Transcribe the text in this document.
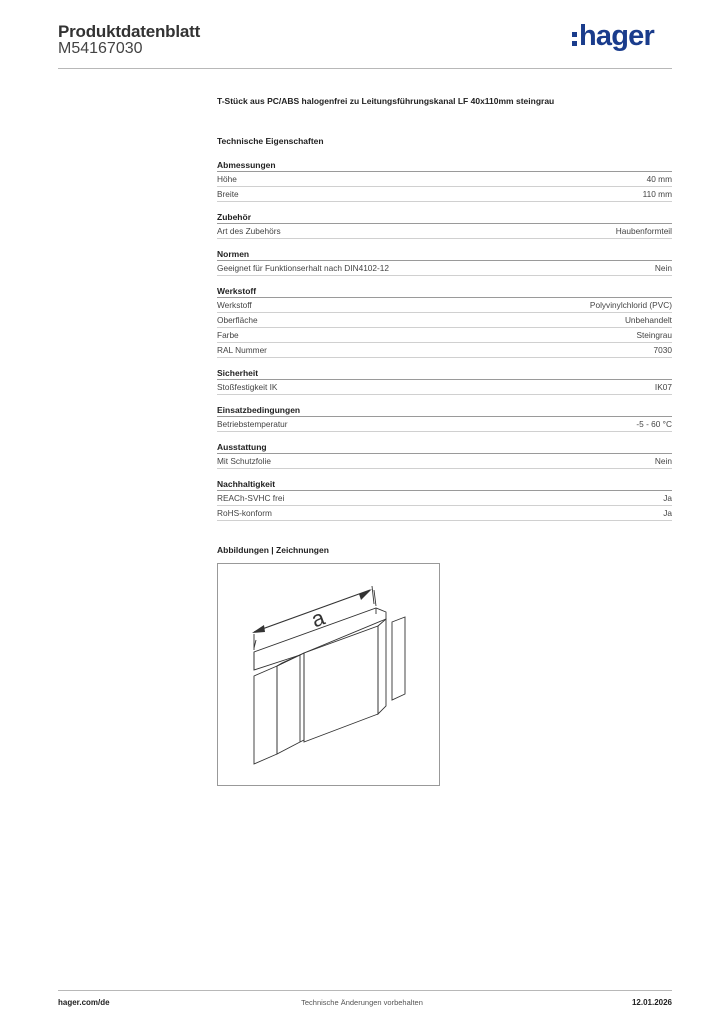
Produktdatenblatt
M54167030	hager

T-Stück aus PC/ABS halogenfrei zu Leitungsführungskanal LF 40x110mm steingrau

Technische Eigenschaften
Abmessungen
Höhe	40 mm
Breite	110 mm
Zubehör
Art des Zubehörs	Haubenformteil
Normen
Geeignet für Funktionserhalt nach DIN4102-12	Nein
Werkstoff
Werkstoff	Polyvinylchlorid (PVC)
Oberfläche	Unbehandelt
Farbe	Steingrau
RAL Nummer	7030
Sicherheit
Stoßfestigkeit IK	IK07
Einsatzbedingungen
Betriebstemperatur	-5 - 60 °C
Ausstattung
Mit Schutzfolie	Nein
Nachhaltigkeit
REACh-SVHC frei	Ja
RoHS-konform	Ja
Abbildungen | Zeichnungen
a
hager.com/de	Technische Änderungen vorbehalten	12.01.2026
